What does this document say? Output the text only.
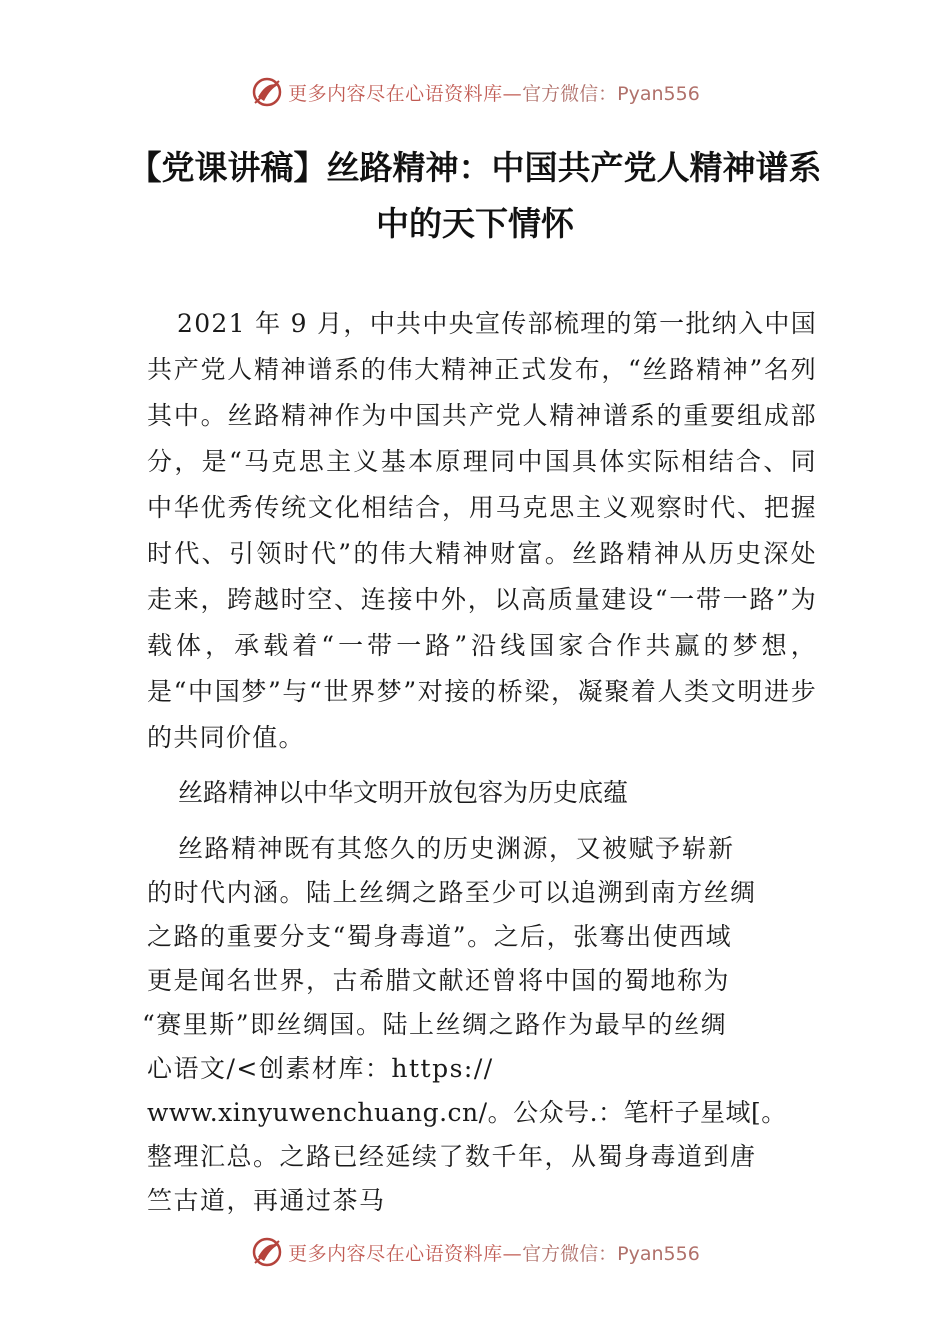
更多内容尽在心语资料库— 官方微信：Pyan556
【党课讲稿】丝路精神：中国共产党人精神谱系中的天下情怀

2021 年 9 月，中共中央宣传部梳理的第一批纳入中国共产党人精神谱系的伟大精神正式发布，“丝路精神”名列其中。丝路精神作为中国共产党人精神谱系的重要组成部分，是“马克思主义基本原理同中国具体实际相结合、同中华优秀传统文化相结合，用马克思主义观察时代、把握时代、引领时代”的伟大精神财富。丝路精神从历史深处走来，跨越时空、连接中外，以高质量建设“一带一路”为载体，承载着“一带一路”沿线国家合作共赢的梦想，是“中国梦”与“世界梦”对接的桥梁，凝聚着人类文明进步的共同价值。

丝路精神以中华文明开放包容为历史底蕴

丝路精神既有其悠久的历史渊源，又被赋予崭新

的时代内涵。陆上丝绸之路至少可以追溯到南方丝绸

之路的重要分支“蜀身毒道”。之后，张骞出使西域

更是闻名世界，古希腊文献还曾将中国的蜀地称为

“赛里斯”即丝绸国。陆上丝绸之路作为最早的丝绸

心语文/<创素材库：https://

www.xinyuwenchuang.cn/。公众号.：笔杆子星域[。

整理汇总。之路已经延续了数千年，从蜀身毒道到唐

竺古道，再通过茶马

更多内容尽在心语资料库— 官方微信：Pyan556
